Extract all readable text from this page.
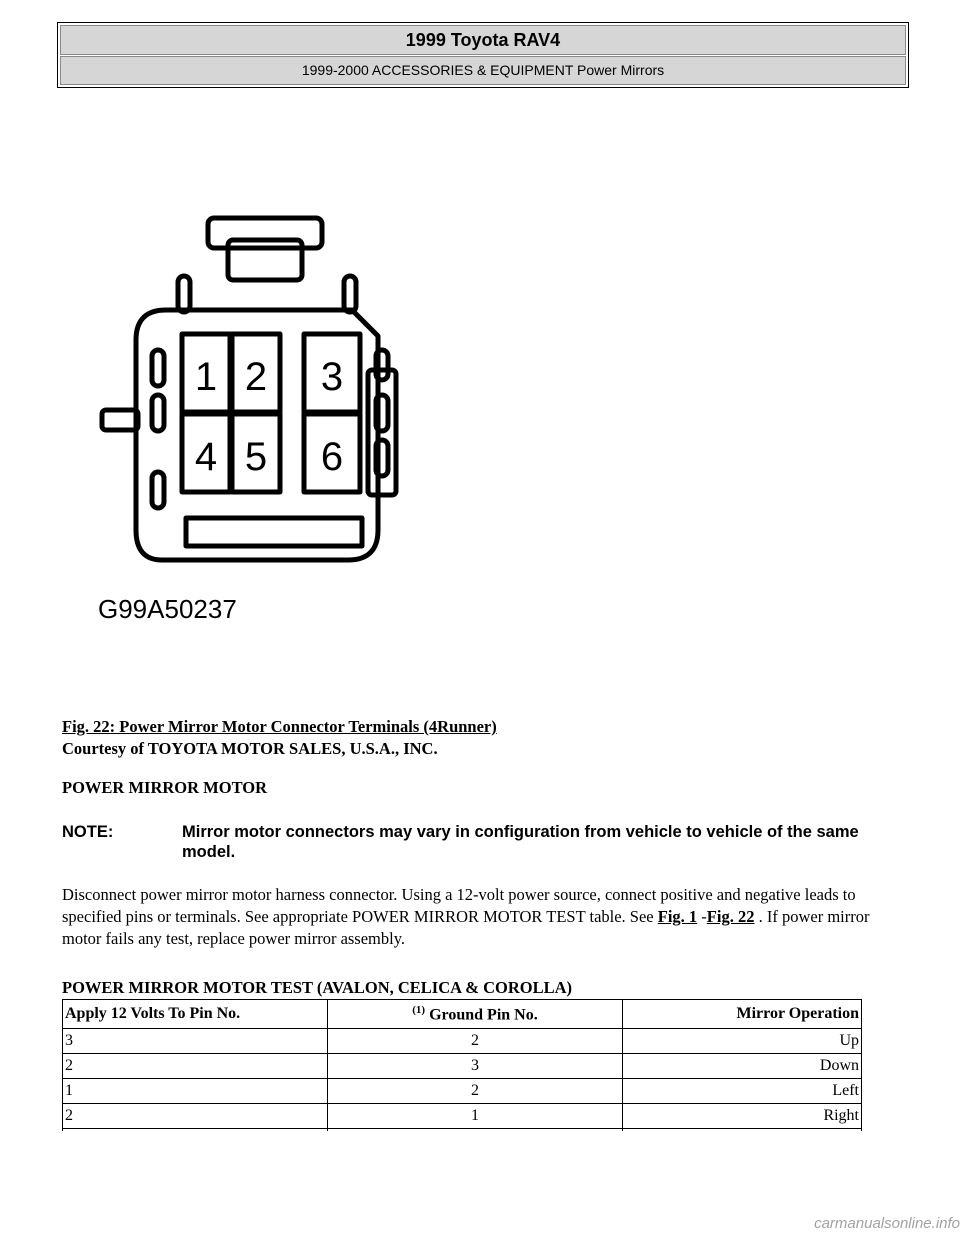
1999 Toyota RAV4
1999-2000 ACCESSORIES & EQUIPMENT Power Mirrors
1 2 3
4 5 6
G99A50237
Fig. 22: Power Mirror Motor Connector Terminals (4Runner)
Courtesy of TOYOTA MOTOR SALES, U.S.A., INC.
POWER MIRROR MOTOR
NOTE:	Mirror motor connectors may vary in configuration from vehicle to vehicle of the same model.
Disconnect power mirror motor harness connector. Using a 12-volt power source, connect positive and negative leads to specified pins or terminals. See appropriate POWER MIRROR MOTOR TEST table. See Fig. 1 -Fig. 22 . If power mirror motor fails any test, replace power mirror assembly.
POWER MIRROR MOTOR TEST (AVALON, CELICA & COROLLA)
Apply 12 Volts To Pin No.	$^{(1)}$ Ground Pin No.	Mirror Operation
3	2	Up
2	3	Down
1	2	Left
2	1	Right

carmanualsonline.info
